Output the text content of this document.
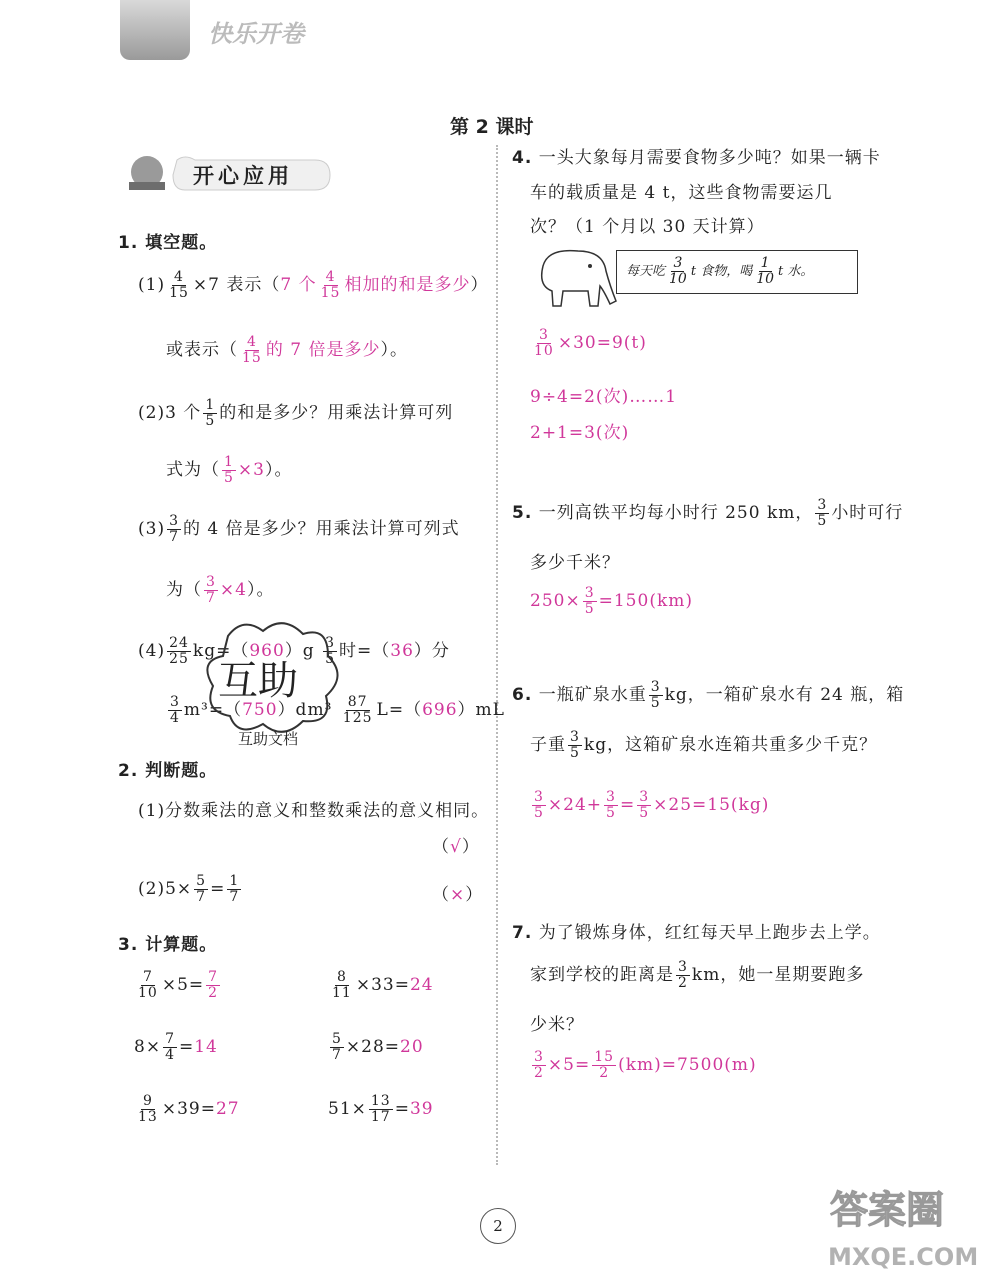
快乐开卷
第 2 课时
开心应用
1. 填空题。
$(1) \frac{4}{15} \times 7$ 表示（7 个 $\frac{4}{15}$ 相加的和是多少）
或表示（ $\frac{4}{15}$ 的 7 倍是多少）。
(2)3 个 $\frac{1}{5}$ 的和是多少？用乘法计算可列
式为（ $\frac{1}{5} \times 3$）。
$(3) \frac{3}{7}$ 的 4 倍是多少？用乘法计算可列式
为（ $\frac{3}{7} \times 4$）。
$(4) \frac{24}{25} kg=(960)g \frac{3}{5}$ 时=（36）分
$\frac{3}{4} m^3=(750)dm^3 \frac{87}{125} L=(696)mL$
互助
互助文档
2. 判断题。
(1)分数乘法的意义和整数乘法的意义相同。
（√）
$(2)5\times \frac{5}{7} = \frac{1}{7}$	（×）
3. 计算题。
$\frac{7}{10} \times 5= \frac{7}{2}$	$\frac{8}{11} \times 33=24$
$8\times \frac{7}{4} =14$	$\frac{5}{7} \times 28=20$
$\frac{9}{13} \times 39=27$	$51\times \frac{13}{17} =39$
4. 一头大象每月需要食物多少吨？如果一辆卡
车的载质量是 4 t，这些食物需要运几
次？（1 个月以 30 天计算）
每天吃 $\frac{3}{10}$ t 食物，喝 $\frac{1}{10}$ t 水。
$\frac{3}{10} \times 30=9(t)$
9÷4=2(次)……1
2+1=3(次)
5. 一列高铁平均每小时行 250 km， $\frac{3}{5}$ 小时可行
多少千米？
$250\times \frac{3}{5} =150(km)$
6. 一瓶矿泉水重 $\frac{3}{5}$ kg，一箱矿泉水有 24 瓶，箱
子重 $\frac{3}{5}$ kg，这箱矿泉水连箱共重多少千克？
$\frac{3}{5} \times 24+ \frac{3}{5} = \frac{3}{5} \times 25=15(kg)$
7. 为了锻炼身体，红红每天早上跑步去上学。
家到学校的距离是 $\frac{3}{2}$ km，她一星期要跑多
少米？
$\frac{3}{2} \times 5= \frac{15}{2} (km)=7500(m)$
2	答案圈
MXQE.COM
